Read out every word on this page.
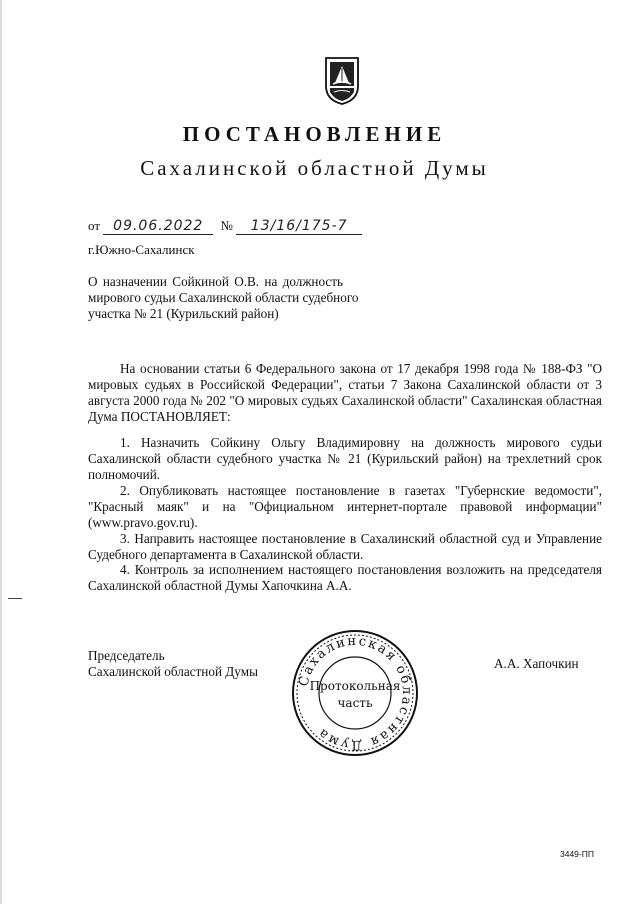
ПОСТАНОВЛЕНИЕ
Сахалинской областной Думы
от 09.06.2022 № 13/16/175-7
г.Южно-Сахалинск
О назначении Сойкиной О.В. на должность
мирового судьи Сахалинской области судебного
участка № 21 (Курильский район)
На основании статьи 6 Федерального закона от 17 декабря 1998 года № 188-ФЗ "О мировых судьях в Российской Федерации", статьи 7 Закона Сахалинской области от 3 августа 2000 года № 202 "О мировых судьях Сахалинской области" Сахалинская областная Дума ПОСТАНОВЛЯЕТ:
1. Назначить Сойкину Ольгу Владимировну на должность мирового судьи Сахалинской области судебного участка № 21 (Курильский район) на трехлетний срок полномочий.
2. Опубликовать настоящее постановление в газетах "Губернские ведомости", "Красный маяк" и на "Официальном интернет-портале правовой информации" (www.pravo.gov.ru).
3. Направить настоящее постановление в Сахалинский областной суд и Управление Судебного департамента в Сахалинской области.
4. Контроль за исполнением настоящего постановления возложить на председателя Сахалинской областной Думы Хапочкина А.А.
Председатель
Сахалинской областной Думы
А.А. Хапочкин
Сахалинская областная Дума
Протокольная
часть
3449-ПП
